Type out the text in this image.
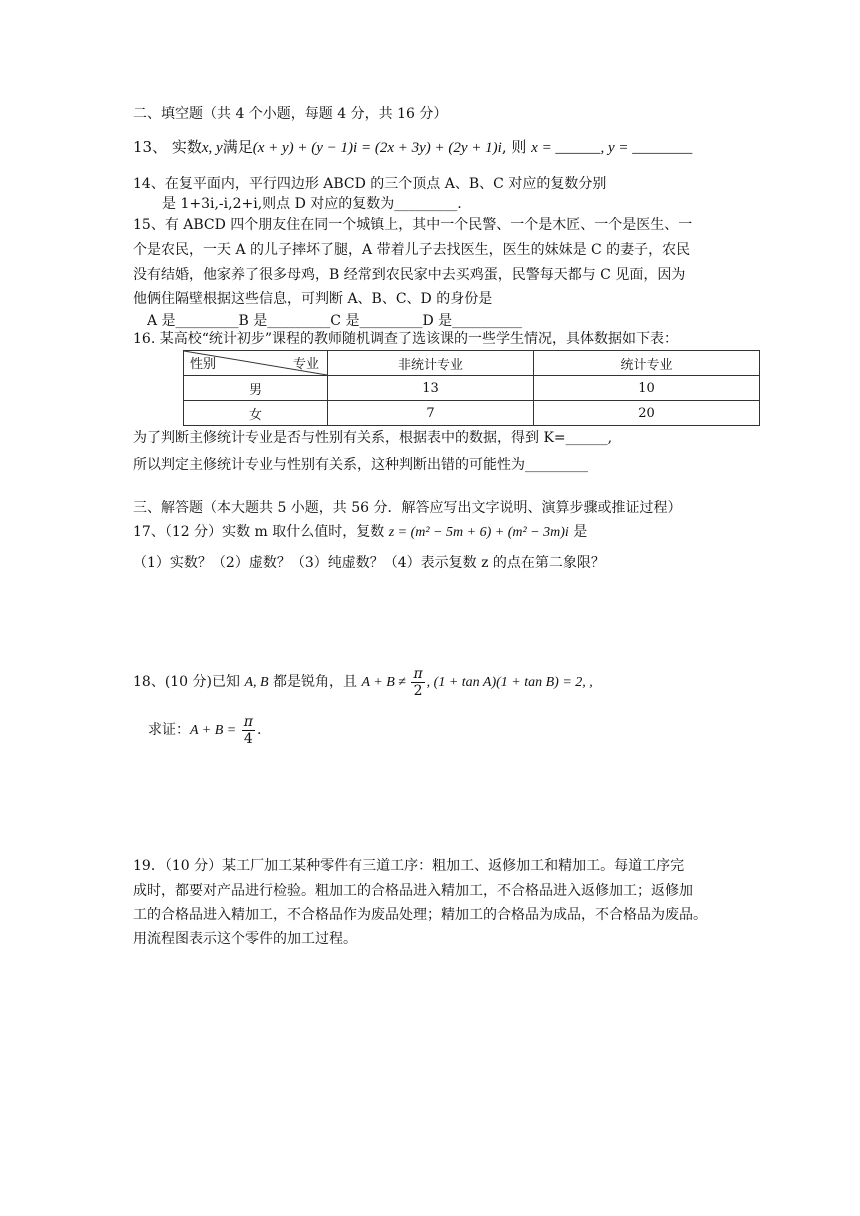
二、填空题（共 4 个小题，每题 4 分，共 16 分）
13、 实数x, y满足(x + y) + (y − 1)i = (2x + 3y) + (2y + 1)i, 则 x = ______, y = ________
14、在复平面内，平行四边形 ABCD 的三个顶点 A、B、C 对应的复数分别
是 1+3i,-i,2+i,则点 D 对应的复数为_________.
15、有 ABCD 四个朋友住在同一个城镇上，其中一个民警、一个是木匠、一个是医生、一
个是农民，一天 A 的儿子摔坏了腿，A 带着儿子去找医生，医生的妹妹是 C 的妻子，农民
没有结婚，他家养了很多母鸡，B 经常到农民家中去买鸡蛋，民警每天都与 C 见面，因为
他俩住隔壁根据这些信息，可判断 A、B、C、D 的身份是
A 是_________B 是_________C 是_________D 是__________
16. 某高校“统计初步”课程的教师随机调查了选该课的一些学生情况，具体数据如下表：
性别 专业	非统计专业	统计专业
男	13	10
女	7	20
为了判断主修统计专业是否与性别有关系，根据表中的数据，得到 K=______,
所以判定主修统计专业与性别有关系，这种判断出错的可能性为_________
三、解答题（本大题共 5 小题，共 56 分．解答应写出文字说明、演算步骤或推证过程）
17、（12 分）实数 m 取什么值时，复数 z = (m² − 5m + 6) + (m² − 3m)i 是
（1）实数？（2）虚数？（3）纯虚数？（4）表示复数 z 的点在第二象限？
18、(10 分)已知 A, B 都是锐角，且 $A + B \ne \frac{\pi}{2}$ , (1 + tan A)(1 + tan B) = 2, ,
求证：$A + B = \frac{\pi}{4}$ .
19．（10 分）某工厂加工某种零件有三道工序：粗加工、返修加工和精加工。每道工序完
成时，都要对产品进行检验。粗加工的合格品进入精加工，不合格品进入返修加工；返修加
工的合格品进入精加工，不合格品作为废品处理；精加工的合格品为成品，不合格品为废品。
用流程图表示这个零件的加工过程。
